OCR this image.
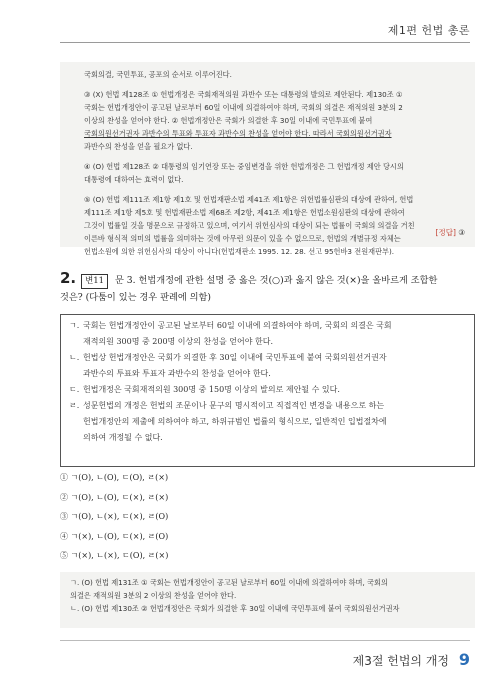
제1편 헌법 총론

국회의결, 국민투표, 공포의 순서로 이루어진다.

③ (X) 헌법 제128조 ① 헌법개정은 국회재적의원 과반수 또는 대통령의 발의로 제안된다. 제130조 ①

국회는 헌법개정안이 공고된 날로부터 60일 이내에 의결하여야 하며, 국회의 의결은 재적의원 3분의 2

이상의 찬성을 얻어야 한다. ② 헌법개정안은 국회가 의결한 후 30일 이내에 국민투표에 붙여

국회의원선거권자 과반수의 투표와 투표자 과반수의 찬성을 얻어야 한다. 따라서 국회의원선거권자

과반수의 찬성을 얻을 필요가 없다.

④ (O) 헌법 제128조 ② 대통령의 임기연장 또는 중임변경을 위한 헌법개정은 그 헌법개정 제안 당시의

대통령에 대하여는 효력이 없다.

⑤ (O) 헌법 제111조 제1항 제1호 및 헌법재판소법 제41조 제1항은 위헌법률심판의 대상에 관하여, 헌법

제111조 제1항 제5호 및 헌법재판소법 제68조 제2항, 제41조 제1항은 헌법소원심판의 대상에 관하여

그것이 법률일 것을 명문으로 규정하고 있으며, 여기서 위헌심사의 대상이 되는 법률이 국회의 의결을 거친

이른바 형식적 의미의 법률을 의미하는 것에 아무런 의문이 있을 수 없으므로, 헌법의 개별규정 자체는

헌법소원에 의한 위헌심사의 대상이 아니다(헌법재판소 1995. 12. 28. 선고 95헌바3 전원재판부).

[정답] ③
2. 변11 문 3. 헌법개정에 관한 설명 중 옳은 것(○)과 옳지 않은 것(×)을 올바르게 조합한
것은? (다툼이 있는 경우 판례에 의함)
ㄱ. 국회는 헌법개정안이 공고된 날로부터 60일 이내에 의결하여야 하며, 국회의 의결은 국회
재적의원 300명 중 200명 이상의 찬성을 얻어야 한다.
ㄴ. 헌법상 헌법개정안은 국회가 의결한 후 30일 이내에 국민투표에 붙여 국회의원선거권자
과반수의 투표와 투표자 과반수의 찬성을 얻어야 한다.
ㄷ. 헌법개정은 국회재적의원 300명 중 150명 이상의 발의로 제안될 수 있다.
ㄹ. 성문헌법의 개정은 헌법의 조문이나 문구의 명시적이고 직접적인 변경을 내용으로 하는
헌법개정안의 제출에 의하여야 하고, 하위규범인 법률의 형식으로, 일반적인 입법절차에
의하여 개정될 수 없다.
① ㄱ(O), ㄴ(O), ㄷ(O), ㄹ(×)
② ㄱ(O), ㄴ(O), ㄷ(×), ㄹ(×)
③ ㄱ(O), ㄴ(×), ㄷ(×), ㄹ(O)
④ ㄱ(×), ㄴ(O), ㄷ(×), ㄹ(O)
⑤ ㄱ(×), ㄴ(×), ㄷ(O), ㄹ(×)

ㄱ. (O) 헌법 제131조 ① 국회는 헌법개정안이 공고된 날로부터 60일 이내에 의결하여야 하며, 국회의

의결은 재적의원 3분의 2 이상의 찬성을 얻어야 한다.

ㄴ. (O) 헌법 제130조 ② 헌법개정안은 국회가 의결한 후 30일 이내에 국민투표에 붙여 국회의원선거권자

제3절 헌법의 개정 9
